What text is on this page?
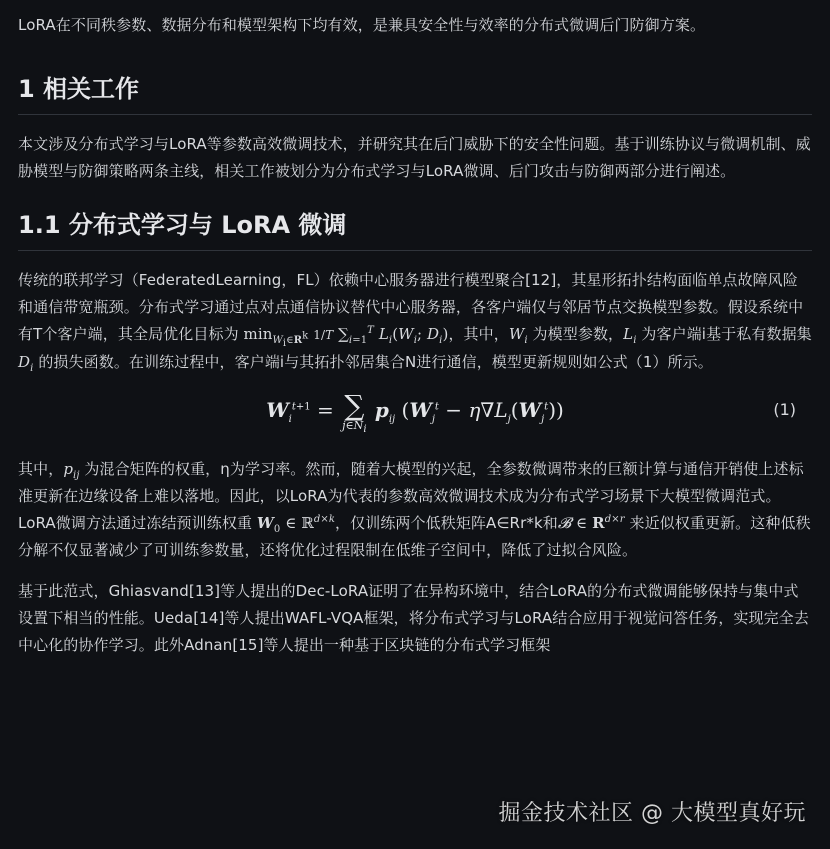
LoRA在不同秩参数、数据分布和模型架构下均有效，是兼具安全性与效率的分布式微调后门防御方案。

1 相关工作

本文涉及分布式学习与LoRA等参数高效微调技术，并研究其在后门威胁下的安全性问题。基于训练协议与微调机制、威胁模型与防御策略两条主线，相关工作被划分为分布式学习与LoRA微调、后门攻击与防御两部分进行阐述。

1.1 分布式学习与 LoRA 微调

传统的联邦学习（FederatedLearning，FL）依赖中心服务器进行模型聚合[12]，其星形拓扑结构面临单点故障风险和通信带宽瓶颈。分布式学习通过点对点通信协议替代中心服务器，各客户端仅与邻居节点交换模型参数。假设系统中有T个客户端，其全局优化目标为 $\min_{W_i\in R^k} 1/T$ $\sum_{i=1}^T$ $L_i(W_i$; $D_i$)，其中，$W_i$ 为模型参数，$L_i$ 为客户端i基于私有数据集 $D_i$ 的损失函数。在训练过程中，客户端i与其拓扑邻居集合N进行通信，模型更新规则如公式（1）所示。

$W_i^{t+1}$ = ∑
$j\in N_i$
$p_{ij}$ $(W_j^t - \eta\nabla L_j(W_j^t))$	(1)

其中，$p_{ij}$ 为混合矩阵的权重，η为学习率。然而，随着大模型的兴起，全参数微调带来的巨额计算与通信开销使上述标准更新在边缘设备上难以落地。因此，以LoRA为代表的参数高效微调技术成为分布式学习场景下大模型微调范式。LoRA微调方法通过冻结预训练权重 $W_0$ ∈ ℝ$^{d\times k}$，仅训练两个低秩矩阵A∈Rr*k和𝓑 ∈ $R^{d\times r}$ 来近似权重更新。这种低秩分解不仅显著减少了可训练参数量，还将优化过程限制在低维子空间中，降低了过拟合风险。

基于此范式，Ghiasvand[13]等人提出的Dec-LoRA证明了在异构环境中，结合LoRA的分布式微调能够保持与集中式设置下相当的性能。Ueda[14]等人提出WAFL-VQA框架，将分布式学习与LoRA结合应用于视觉问答任务，实现完全去中心化的协作学习。此外Adnan[15]等人提出一种基于区块链的分布式学习框架

掘金技术社区 @ 大模型真好玩
